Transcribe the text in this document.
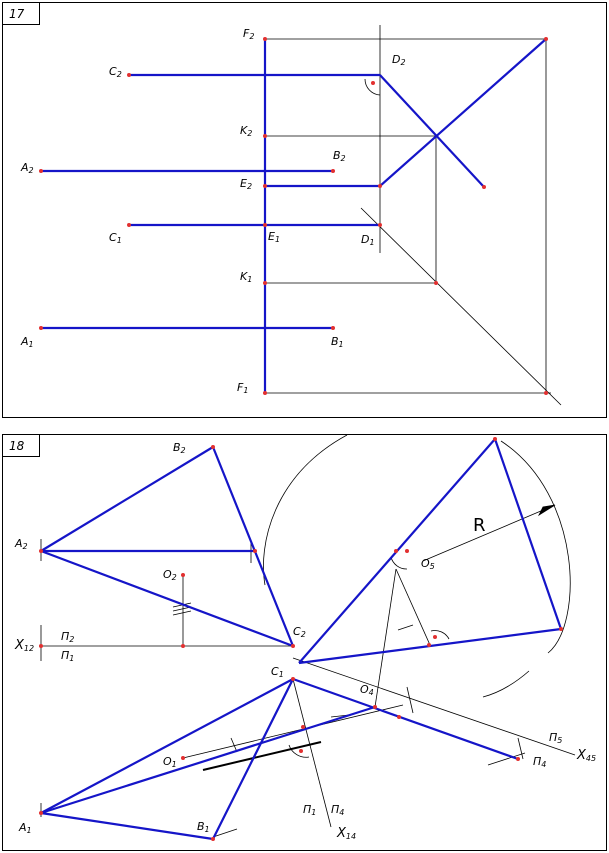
17
F2
C2
D2
K2
A2
B2
E2
C1	E1	D1
K1
A1	B1
F1
18	B2
A2
O2
X12
П2
П1
C2
C1
O4
O5
R
O1
A1	B1
П1 П4
X14
П5
П4
X45
